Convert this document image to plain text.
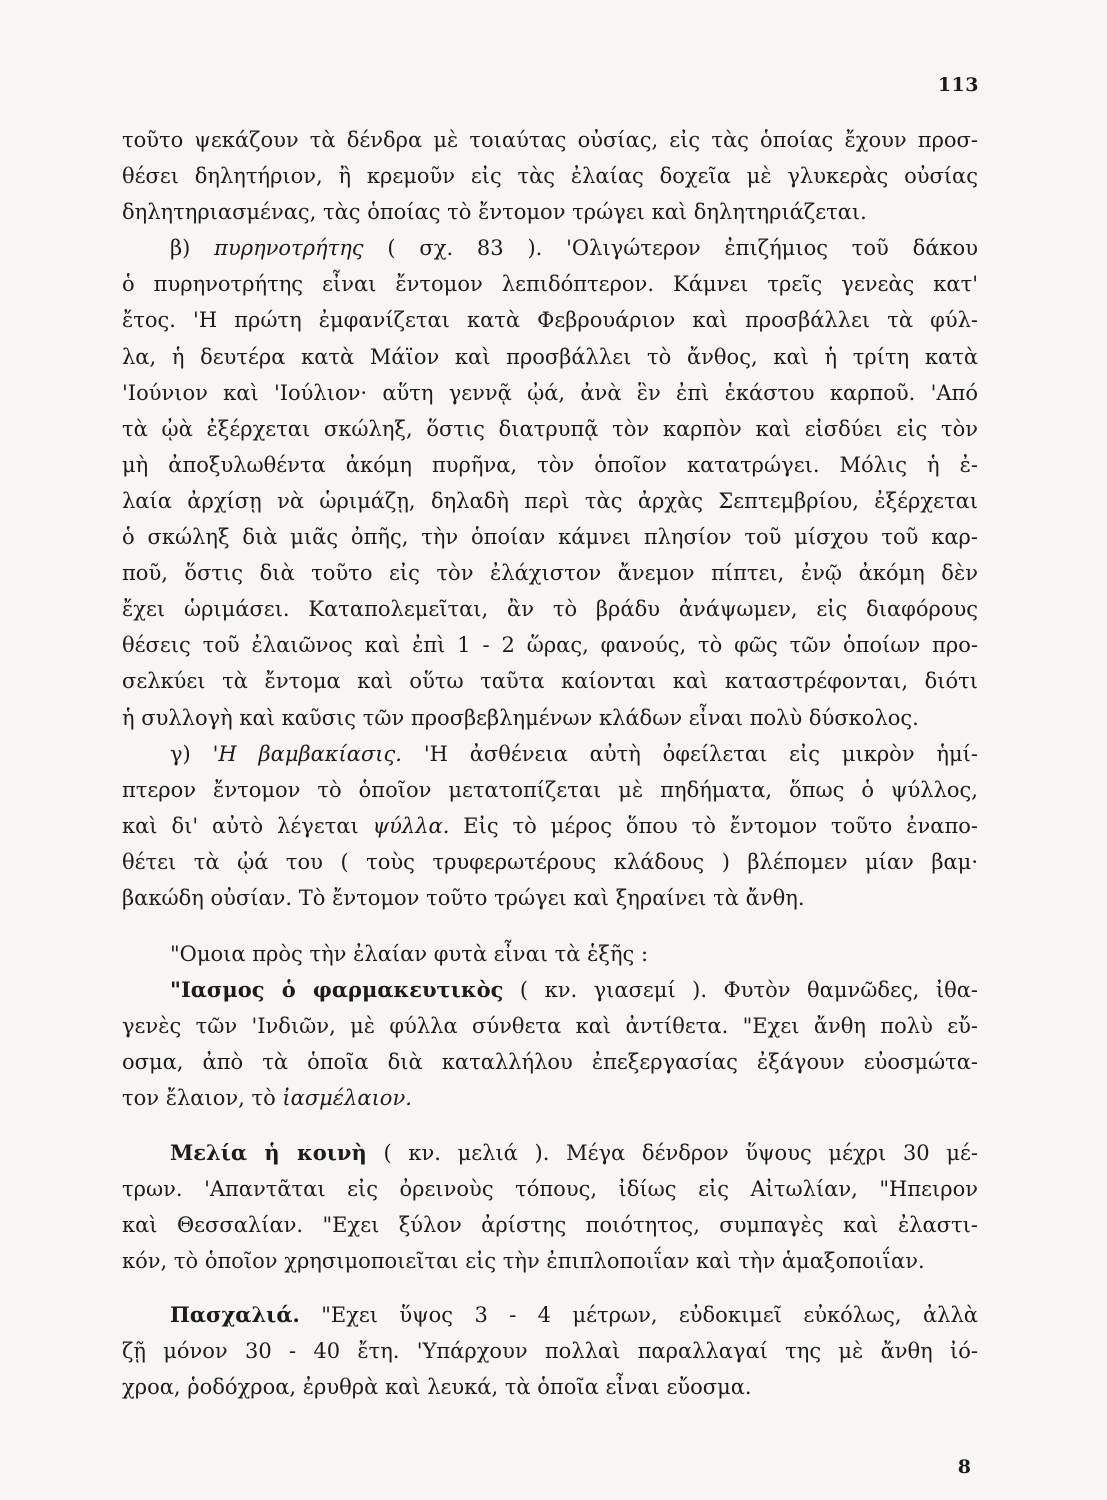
113
τοῦτο ψεκάζουν τὰ δένδρα μὲ τοιαύτας οὐσίας, εἰς τὰς ὁποίας ἔχουν προσ-
θέσει δηλητήριον, ἢ κρεμοῦν εἰς τὰς ἐλαίας δοχεῖα μὲ γλυκερὰς οὐσίας
δηλητηριασμένας, τὰς ὁποίας τὸ ἔντομον τρώγει καὶ δηλητηριάζεται.
β) πυρηνοτρήτης ( σχ. 83 ). 'Ολιγώτερον ἐπιζήμιος τοῦ δάκου
ὁ πυρηνοτρήτης εἶναι ἔντομον λεπιδόπτερον. Κάμνει τρεῖς γενεὰς κατ'
ἔτος. 'Η πρώτη ἐμφανίζεται κατὰ Φεβρουάριον καὶ προσβάλλει τὰ φύλ-
λα, ἡ δευτέρα κατὰ Μάϊον καὶ προσβάλλει τὸ ἄνθος, καὶ ἡ τρίτη κατὰ
'Ιούνιον καὶ 'Ιούλιον· αὕτη γεννᾷ ᾠά, ἀνὰ ἓν ἐπὶ ἑκάστου καρποῦ. 'Από
τὰ ᾠὰ ἐξέρχεται σκώληξ, ὅστις διατρυπᾷ τὸν καρπὸν καὶ εἰσδύει εἰς τὸν
μὴ ἀποξυλωθέντα ἀκόμη πυρῆνα, τὸν ὁποῖον κατατρώγει. Μόλις ἡ ἐ-
λαία ἀρχίσῃ νὰ ὡριμάζῃ, δηλαδὴ περὶ τὰς ἀρχὰς Σεπτεμβρίου, ἐξέρχεται
ὁ σκώληξ διὰ μιᾶς ὀπῆς, τὴν ὁποίαν κάμνει πλησίον τοῦ μίσχου τοῦ καρ-
ποῦ, ὅστις διὰ τοῦτο εἰς τὸν ἐλάχιστον ἄνεμον πίπτει, ἐνῷ ἀκόμη δὲν
ἔχει ὡριμάσει. Καταπολεμεῖται, ἂν τὸ βράδυ ἀνάψωμεν, εἰς διαφόρους
θέσεις τοῦ ἐλαιῶνος καὶ ἐπὶ 1 - 2 ὥρας, φανούς, τὸ φῶς τῶν ὁποίων προ-
σελκύει τὰ ἔντομα καὶ οὕτω ταῦτα καίονται καὶ καταστρέφονται, διότι
ἡ συλλογὴ καὶ καῦσις τῶν προσβεβλημένων κλάδων εἶναι πολὺ δύσκολος.
γ) 'Η βαμβακίασις. 'Η ἀσθένεια αὐτὴ ὀφείλεται εἰς μικρὸν ἡμί-
πτερον ἔντομον τὸ ὁποῖον μετατοπίζεται μὲ πηδήματα, ὅπως ὁ ψύλλος,
καὶ δι' αὐτὸ λέγεται ψύλλα. Εἰς τὸ μέρος ὅπου τὸ ἔντομον τοῦτο ἐναπο-
θέτει τὰ ᾠά του ( τοὺς τρυφερωτέρους κλάδους ) βλέπομεν μίαν βαμ·
βακώδη οὐσίαν. Τὸ ἔντομον τοῦτο τρώγει καὶ ξηραίνει τὰ ἄνθη.
"Ομοια πρὸς τὴν ἐλαίαν φυτὰ εἶναι τὰ ἑξῆς :
"Ιασμος ὁ φαρμακευτικὸς ( κν. γιασεμί ). Φυτὸν θαμνῶδες, ἰθα-
γενὲς τῶν 'Ινδιῶν, μὲ φύλλα σύνθετα καὶ ἀντίθετα. "Εχει ἄνθη πολὺ εὔ-
οσμα, ἀπὸ τὰ ὁποῖα διὰ καταλλήλου ἐπεξεργασίας ἐξάγουν εὐοσμώτα-
τον ἔλαιον, τὸ ἰασμέλαιον.
Μελία ἡ κοινὴ ( κν. μελιά ). Μέγα δένδρον ὕψους μέχρι 30 μέ-
τρων. 'Απαντᾶται εἰς ὀρεινοὺς τόπους, ἰδίως εἰς Αἰτωλίαν, "Ηπειρον
καὶ Θεσσαλίαν. "Εχει ξύλον ἀρίστης ποιότητος, συμπαγὲς καὶ ἐλαστι-
κόν, τὸ ὁποῖον χρησιμοποιεῖται εἰς τὴν ἐπιπλοποιΐαν καὶ τὴν ἁμαξοποιΐαν.
Πασχαλιά. "Εχει ὕψος 3 - 4 μέτρων, εὐδοκιμεῖ εὐκόλως, ἀλλὰ
ζῇ μόνον 30 - 40 ἔτη. 'Υπάρχουν πολλαὶ παραλλαγαί της μὲ ἄνθη ἰό-
χροα, ῥοδόχροα, ἐρυθρὰ καὶ λευκά, τὰ ὁποῖα εἶναι εὔοσμα.
8
